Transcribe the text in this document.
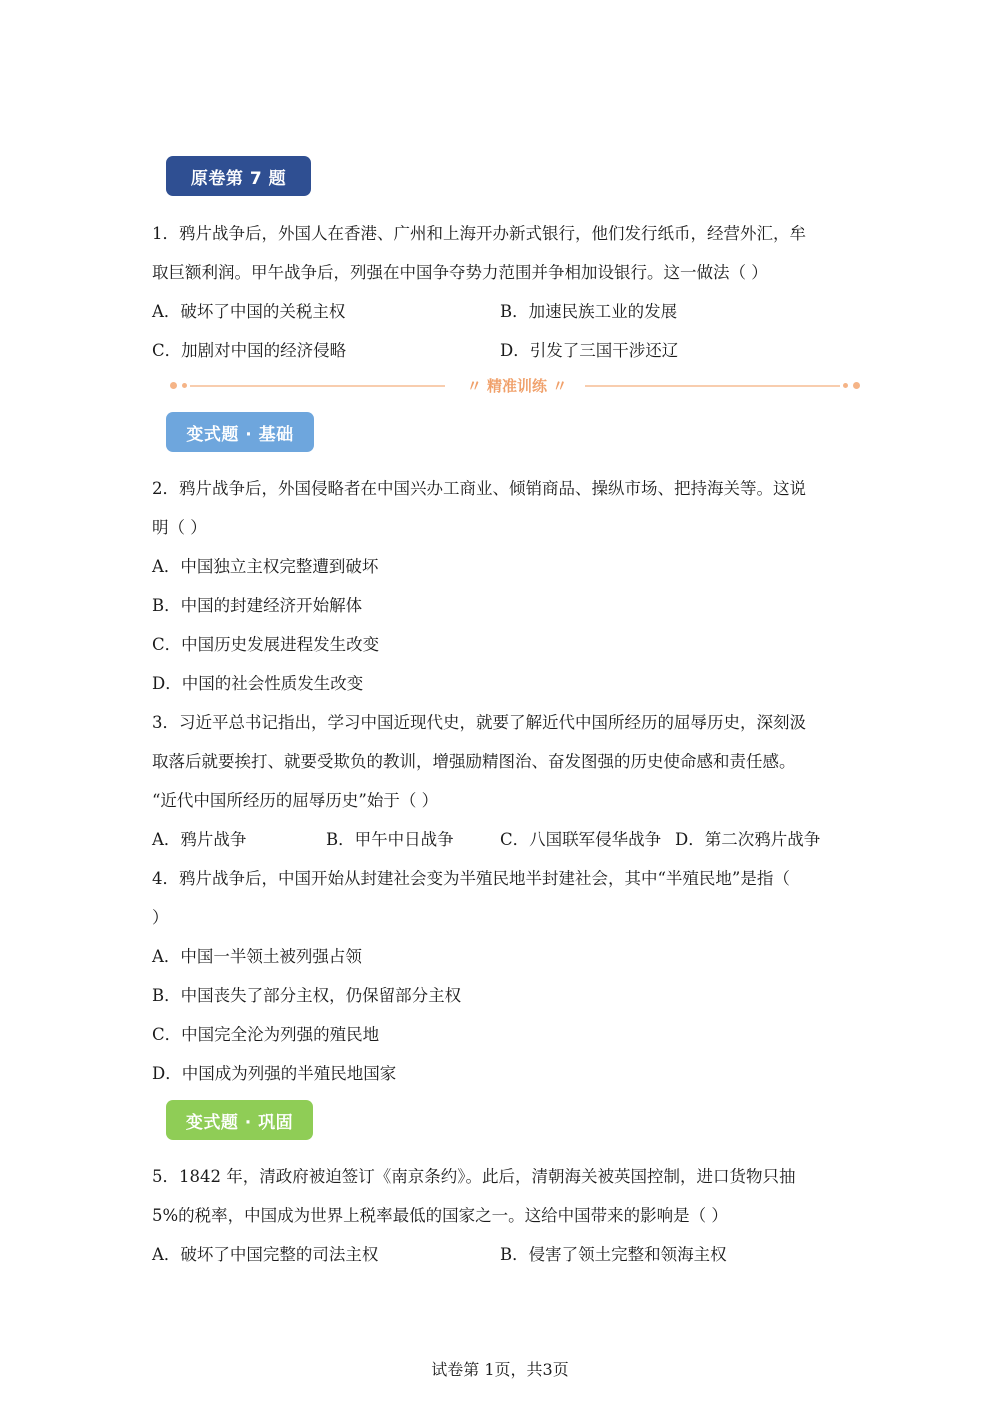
原卷第 7 题
1．鸦片战争后，外国人在香港、广州和上海开办新式银行，他们发行纸币，经营外汇，牟
取巨额利润。甲午战争后，列强在中国争夺势力范围并争相加设银行。这一做法（ ）
A．破坏了中国的关税主权	B．加速民族工业的发展
C．加剧对中国的经济侵略	D．引发了三国干涉还辽
〃 精准训练 〃
变式题 · 基础
2．鸦片战争后，外国侵略者在中国兴办工商业、倾销商品、操纵市场、把持海关等。这说
明（ ）
A．中国独立主权完整遭到破坏
B．中国的封建经济开始解体
C．中国历史发展进程发生改变
D．中国的社会性质发生改变
3．习近平总书记指出，学习中国近现代史，就要了解近代中国所经历的屈辱历史，深刻汲
取落后就要挨打、就要受欺负的教训，增强励精图治、奋发图强的历史使命感和责任感。
“近代中国所经历的屈辱历史”始于（ ）
A．鸦片战争	B．甲午中日战争	C．八国联军侵华战争 D．第二次鸦片战争
4．鸦片战争后，中国开始从封建社会变为半殖民地半封建社会，其中“半殖民地”是指（
）
A．中国一半领土被列强占领
B．中国丧失了部分主权，仍保留部分主权
C．中国完全沦为列强的殖民地
D．中国成为列强的半殖民地国家
变式题 · 巩固
5．1842 年，清政府被迫签订《南京条约》。此后，清朝海关被英国控制，进口货物只抽
5%的税率，中国成为世界上税率最低的国家之一。这给中国带来的影响是（ ）
A．破坏了中国完整的司法主权	B．侵害了领土完整和领海主权
试卷第 1页，共3页
